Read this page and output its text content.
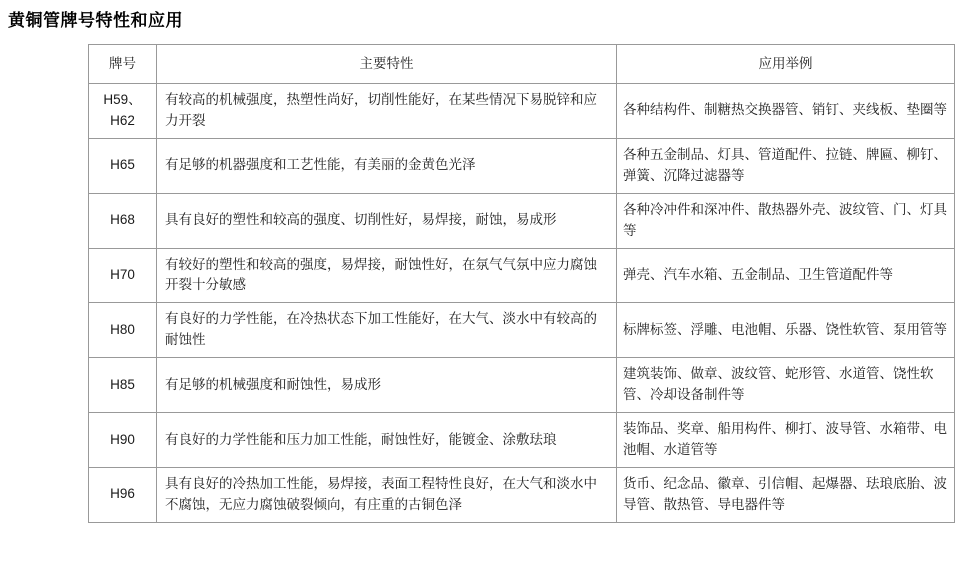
黄铜管牌号特性和应用
牌号	主要特性	应用举例

H59、
H62	有较高的机械强度，热塑性尚好，切削性能好，在某些情况下易脱锌和应力开裂	各种结构件、制糖热交换器管、销钉、夹线板、垫圈等
H65	有足够的机器强度和工艺性能，有美丽的金黄色光泽	各种五金制品、灯具、管道配件、拉链、牌匾、柳钉、弹簧、沉降过滤器等
H68	具有良好的塑性和较高的强度、切削性好，易焊接，耐蚀，易成形	各种冷冲件和深冲件、散热器外壳、波纹管、门、灯具等
H70	有较好的塑性和较高的强度，易焊接，耐蚀性好，在氛气气氛中应力腐蚀开裂十分敏感	弹壳、汽车水箱、五金制品、卫生管道配件等
H80	有良好的力学性能，在冷热状态下加工性能好，在大气、淡水中有较高的耐蚀性	标牌标签、浮雕、电池帽、乐器、饶性软管、泵用管等
H85	有足够的机械强度和耐蚀性，易成形	建筑装饰、做章、波纹管、蛇形管、水道管、饶性软管、冷却设备制件等
H90	有良好的力学性能和压力加工性能，耐蚀性好，能镀金、涂敷珐琅	装饰品、奖章、船用构件、柳打、波导管、水箱带、电池帽、水道管等
H96	具有良好的冷热加工性能，易焊接，表面工程特性良好，在大气和淡水中不腐蚀，无应力腐蚀破裂倾向，有庄重的古铜色泽	货币、纪念品、徽章、引信帽、起爆器、珐琅底胎、波导管、散热管、导电器件等
